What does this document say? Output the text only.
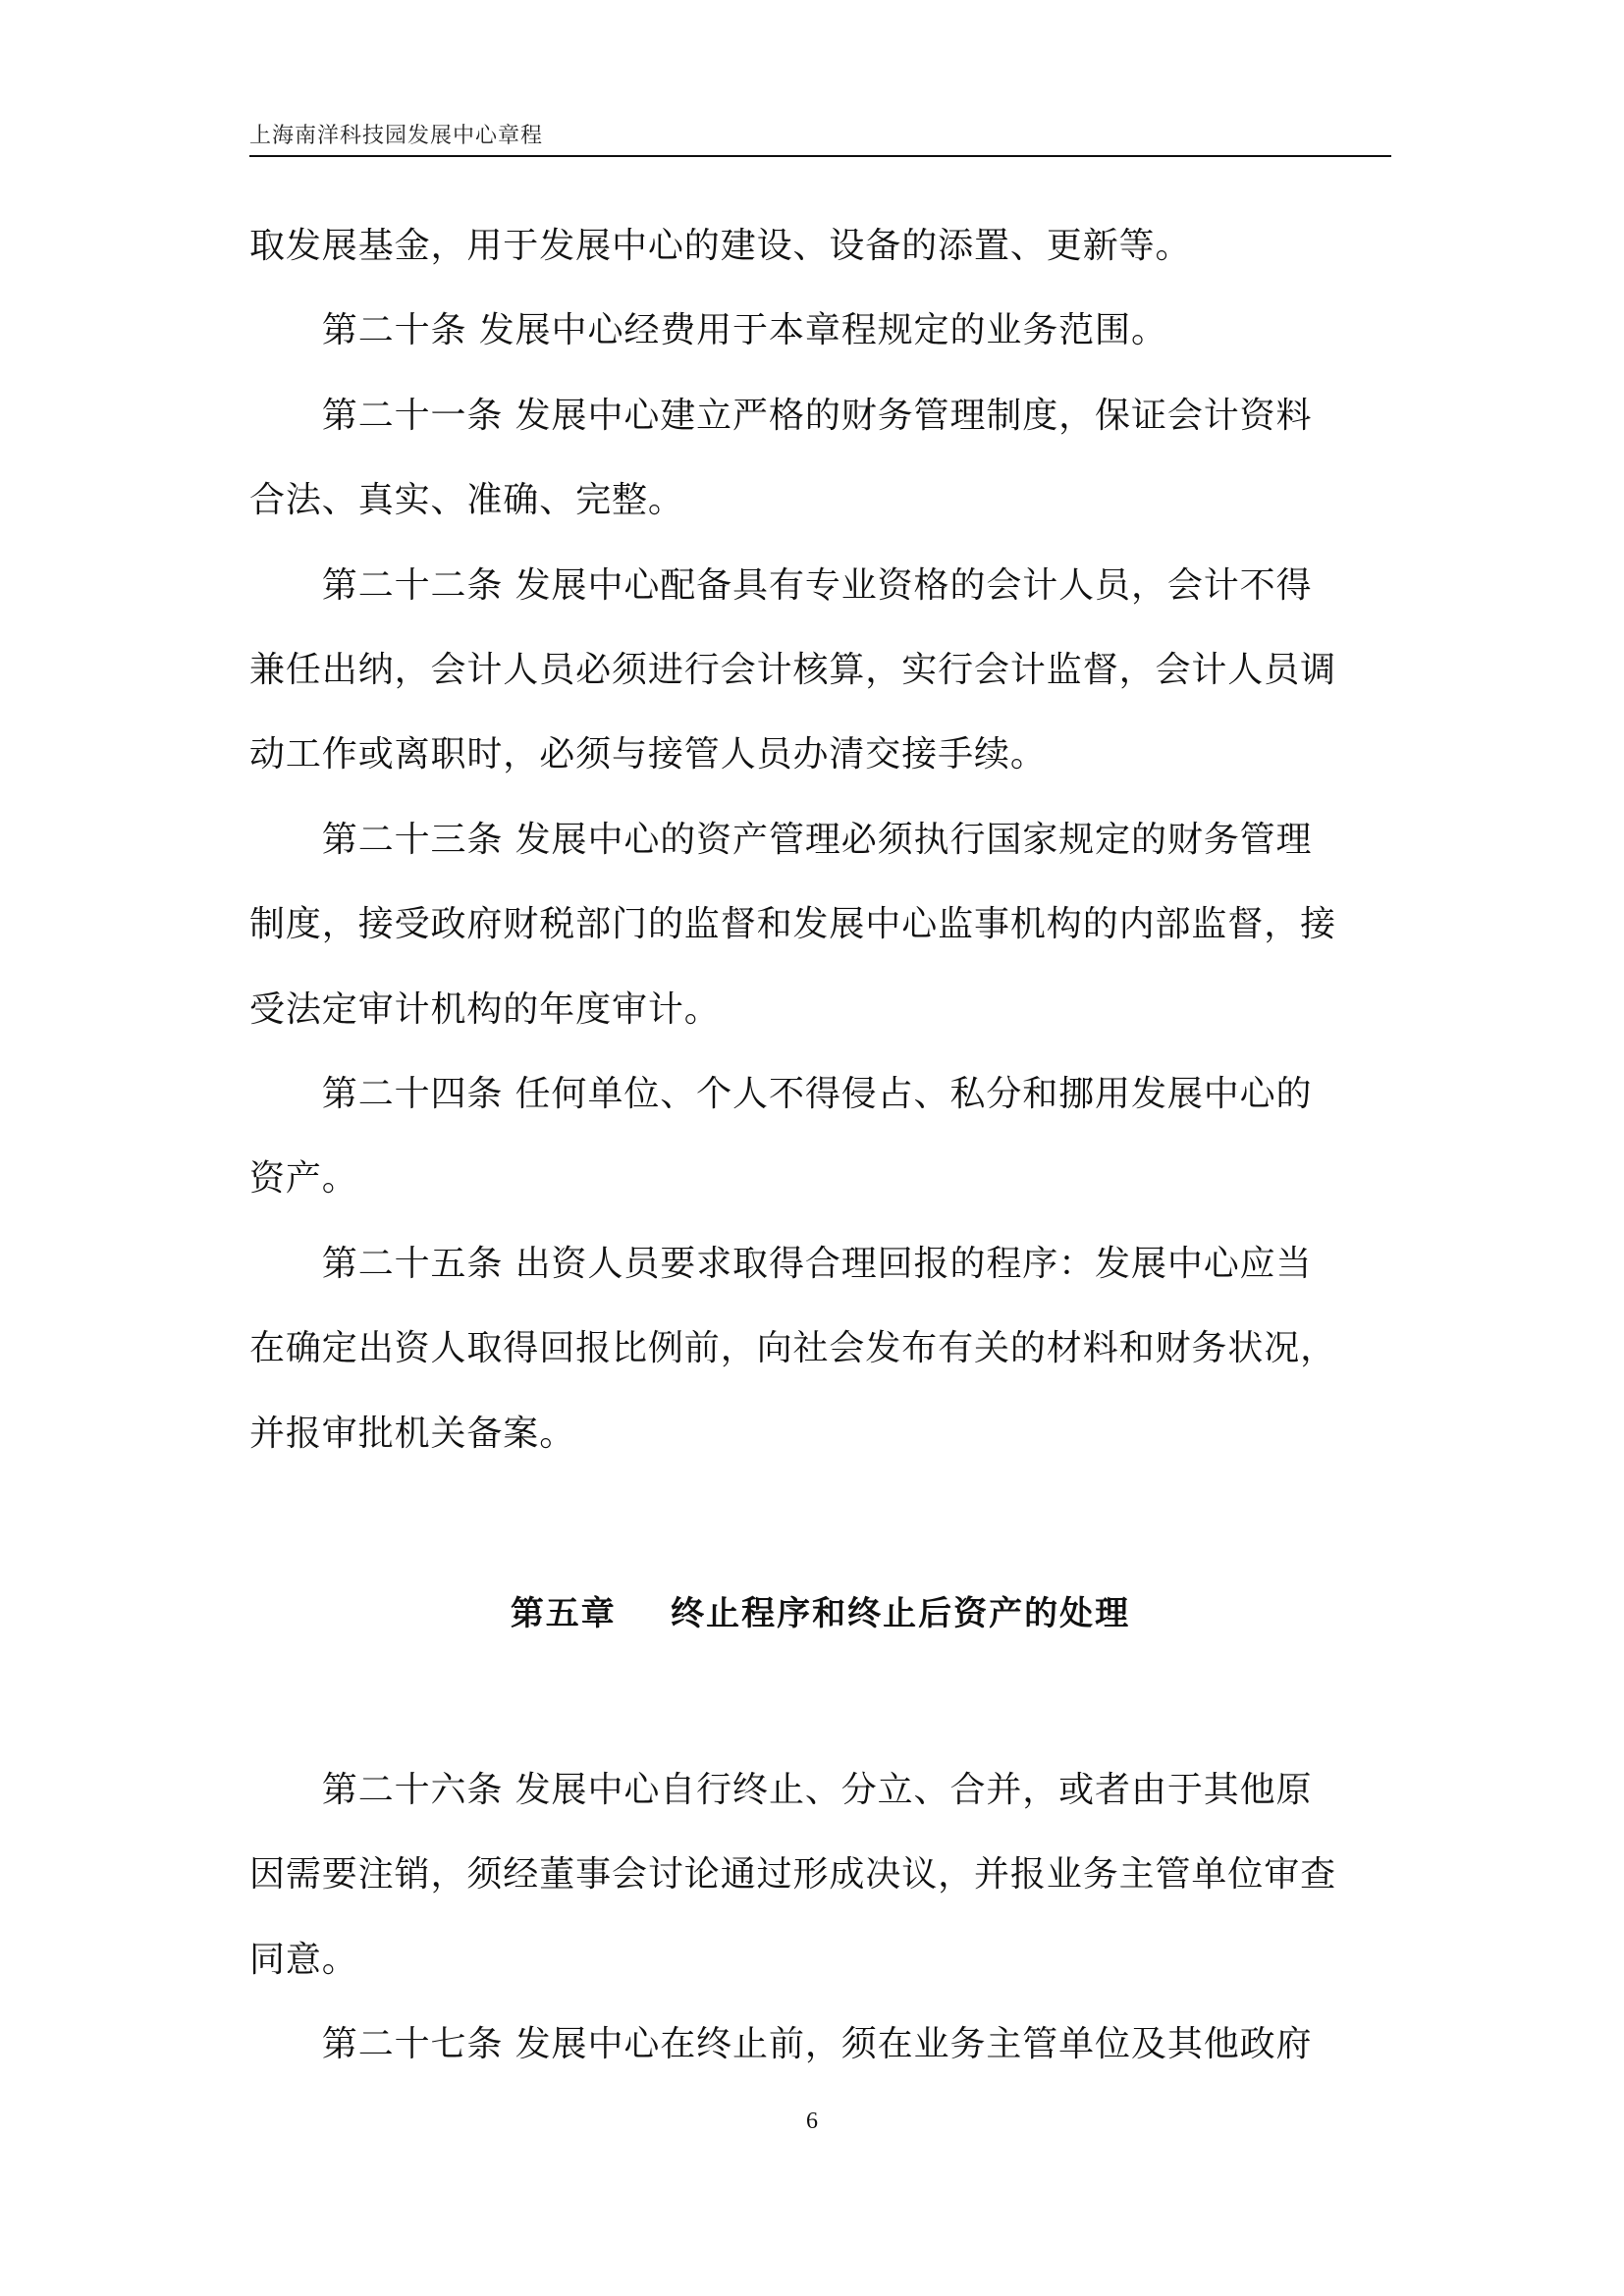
上海南洋科技园发展中心章程
取发展基金，用于发展中心的建设、设备的添置、更新等。
　　第二十条 发展中心经费用于本章程规定的业务范围。
　　第二十一条 发展中心建立严格的财务管理制度，保证会计资料
合法、真实、准确、完整。
　　第二十二条 发展中心配备具有专业资格的会计人员，会计不得
兼任出纳，会计人员必须进行会计核算，实行会计监督，会计人员调
动工作或离职时，必须与接管人员办清交接手续。
　　第二十三条 发展中心的资产管理必须执行国家规定的财务管理
制度，接受政府财税部门的监督和发展中心监事机构的内部监督，接
受法定审计机构的年度审计。
　　第二十四条 任何单位、个人不得侵占、私分和挪用发展中心的
资产。
　　第二十五条 出资人员要求取得合理回报的程序：发展中心应当
在确定出资人取得回报比例前，向社会发布有关的材料和财务状况，
并报审批机关备案。
第五章    终止程序和终止后资产的处理
　　第二十六条 发展中心自行终止、分立、合并，或者由于其他原
因需要注销，须经董事会讨论通过形成决议，并报业务主管单位审查
同意。
　　第二十七条 发展中心在终止前，须在业务主管单位及其他政府
6
